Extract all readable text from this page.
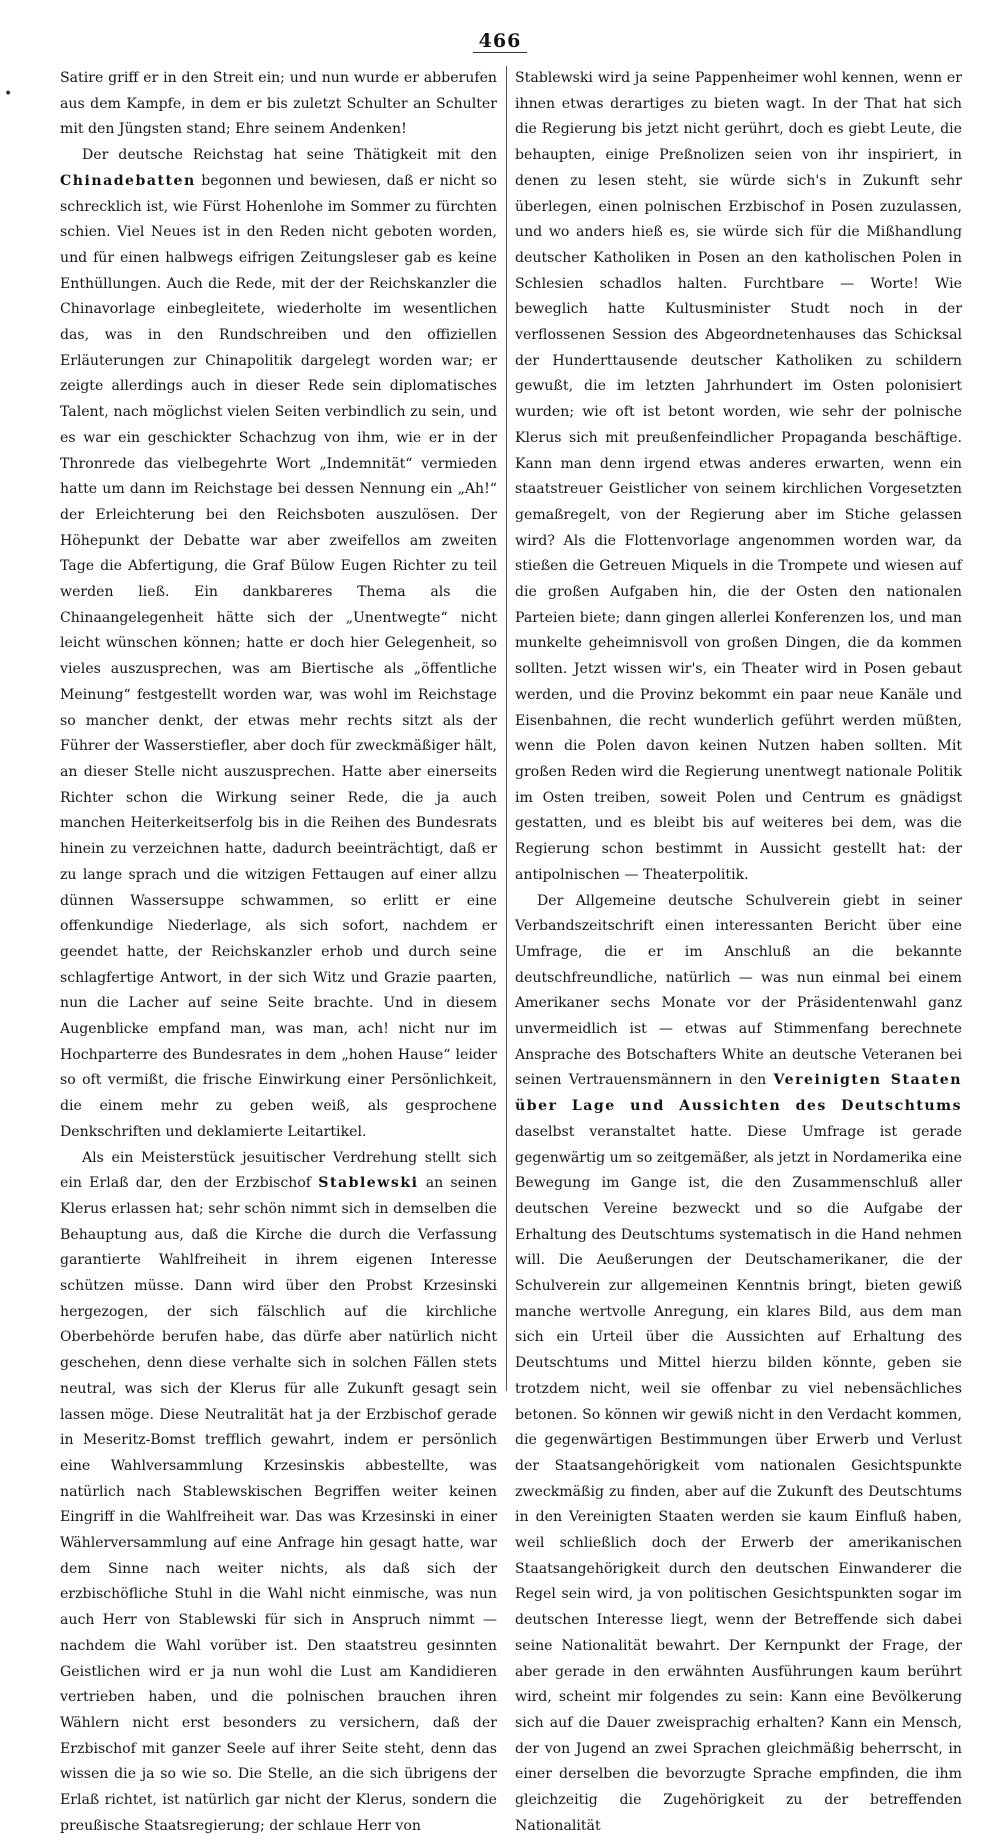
•
466

Satire griff er in den Streit ein; und nun wurde er abberufen aus dem Kampfe, in dem er bis zuletzt Schulter an Schulter mit den Jüngsten stand; Ehre seinem Andenken!

Der deutsche Reichstag hat seine Thätigkeit mit den Chinadebatten begonnen und bewiesen, daß er nicht so schrecklich ist, wie Fürst Hohenlohe im Sommer zu fürchten schien. Viel Neues ist in den Reden nicht geboten worden, und für einen halbwegs eifrigen Zeitungsleser gab es keine Enthüllungen. Auch die Rede, mit der der Reichskanzler die Chinavorlage einbegleitete, wiederholte im wesentlichen das, was in den Rundschreiben und den offiziellen Erläuterungen zur Chinapolitik dargelegt worden war; er zeigte allerdings auch in dieser Rede sein diplomatisches Talent, nach möglichst vielen Seiten verbindlich zu sein, und es war ein geschickter Schachzug von ihm, wie er in der Thronrede das vielbegehrte Wort „Indemnität“ vermieden hatte um dann im Reichstage bei dessen Nennung ein „Ah!“ der Erleichterung bei den Reichsboten auszulösen. Der Höhepunkt der Debatte war aber zweifellos am zweiten Tage die Abfertigung, die Graf Bülow Eugen Richter zu teil werden ließ. Ein dankbareres Thema als die Chinaangelegenheit hätte sich der „Unentwegte“ nicht leicht wünschen können; hatte er doch hier Gelegenheit, so vieles auszusprechen, was am Biertische als „öffentliche Meinung“ festgestellt worden war, was wohl im Reichstage so mancher denkt, der etwas mehr rechts sitzt als der Führer der Wasserstiefler, aber doch für zweckmäßiger hält, an dieser Stelle nicht auszusprechen. Hatte aber einerseits Richter schon die Wirkung seiner Rede, die ja auch manchen Heiterkeitserfolg bis in die Reihen des Bundesrats hinein zu verzeichnen hatte, dadurch beeinträchtigt, daß er zu lange sprach und die witzigen Fettaugen auf einer allzu dünnen Wassersuppe schwammen, so erlitt er eine offenkundige Niederlage, als sich sofort, nachdem er geendet hatte, der Reichskanzler erhob und durch seine schlagfertige Antwort, in der sich Witz und Grazie paarten, nun die Lacher auf seine Seite brachte. Und in diesem Augenblicke empfand man, was man, ach! nicht nur im Hochparterre des Bundesrates in dem „hohen Hause“ leider so oft vermißt, die frische Einwirkung einer Persönlichkeit, die einem mehr zu geben weiß, als gesprochene Denkschriften und deklamierte Leitartikel.

Als ein Meisterstück jesuitischer Verdrehung stellt sich ein Erlaß dar, den der Erzbischof Stablewski an seinen Klerus erlassen hat; sehr schön nimmt sich in demselben die Behauptung aus, daß die Kirche die durch die Verfassung garantierte Wahlfreiheit in ihrem eigenen Interesse schützen müsse. Dann wird über den Probst Krzesinski hergezogen, der sich fälschlich auf die kirchliche Oberbehörde berufen habe, das dürfe aber natürlich nicht geschehen, denn diese verhalte sich in solchen Fällen stets neutral, was sich der Klerus für alle Zukunft gesagt sein lassen möge. Diese Neutralität hat ja der Erzbischof gerade in Meseritz-Bomst trefflich gewahrt, indem er persönlich eine Wahlversammlung Krzesinskis abbestellte, was natürlich nach Stablewskischen Begriffen weiter keinen Eingriff in die Wahlfreiheit war. Das was Krzesinski in einer Wählerversammlung auf eine Anfrage hin gesagt hatte, war dem Sinne nach weiter nichts, als daß sich der erzbischöfliche Stuhl in die Wahl nicht einmische, was nun auch Herr von Stablewski für sich in Anspruch nimmt — nachdem die Wahl vorüber ist. Den staatstreu gesinnten Geistlichen wird er ja nun wohl die Lust am Kandidieren vertrieben haben, und die polnischen brauchen ihren Wählern nicht erst besonders zu versichern, daß der Erzbischof mit ganzer Seele auf ihrer Seite steht, denn das wissen die ja so wie so. Die Stelle, an die sich übrigens der Erlaß richtet, ist natürlich gar nicht der Klerus, sondern die preußische Staatsregierung; der schlaue Herr von

Stablewski wird ja seine Pappenheimer wohl kennen, wenn er ihnen etwas derartiges zu bieten wagt. In der That hat sich die Regierung bis jetzt nicht gerührt, doch es giebt Leute, die behaupten, einige Preßnolizen seien von ihr inspiriert, in denen zu lesen steht, sie würde sich's in Zukunft sehr überlegen, einen polnischen Erzbischof in Posen zuzulassen, und wo anders hieß es, sie würde sich für die Mißhandlung deutscher Katholiken in Posen an den katholischen Polen in Schlesien schadlos halten. Furchtbare — Worte! Wie beweglich hatte Kultusminister Studt noch in der verflossenen Session des Abgeordnetenhauses das Schicksal der Hunderttausende deutscher Katholiken zu schildern gewußt, die im letzten Jahrhundert im Osten polonisiert wurden; wie oft ist betont worden, wie sehr der polnische Klerus sich mit preußenfeindlicher Propaganda beschäftige. Kann man denn irgend etwas anderes erwarten, wenn ein staatstreuer Geistlicher von seinem kirchlichen Vorgesetzten gemaßregelt, von der Regierung aber im Stiche gelassen wird? Als die Flottenvorlage angenommen worden war, da stießen die Getreuen Miquels in die Trompete und wiesen auf die großen Aufgaben hin, die der Osten den nationalen Parteien biete; dann gingen allerlei Konferenzen los, und man munkelte geheimnisvoll von großen Dingen, die da kommen sollten. Jetzt wissen wir's, ein Theater wird in Posen gebaut werden, und die Provinz bekommt ein paar neue Kanäle und Eisenbahnen, die recht wunderlich geführt werden müßten, wenn die Polen davon keinen Nutzen haben sollten. Mit großen Reden wird die Regierung unentwegt nationale Politik im Osten treiben, soweit Polen und Centrum es gnädigst gestatten, und es bleibt bis auf weiteres bei dem, was die Regierung schon bestimmt in Aussicht gestellt hat: der antipolnischen — Theaterpolitik.

Der Allgemeine deutsche Schulverein giebt in seiner Verbandszeitschrift einen interessanten Bericht über eine Umfrage, die er im Anschluß an die bekannte deutschfreundliche, natürlich — was nun einmal bei einem Amerikaner sechs Monate vor der Präsidentenwahl ganz unvermeidlich ist — etwas auf Stimmenfang berechnete Ansprache des Botschafters White an deutsche Veteranen bei seinen Vertrauensmännern in den Vereinigten Staaten über Lage und Aussichten des Deutschtums daselbst veranstaltet hatte. Diese Umfrage ist gerade gegenwärtig um so zeitgemäßer, als jetzt in Nordamerika eine Bewegung im Gange ist, die den Zusammenschluß aller deutschen Vereine bezweckt und so die Aufgabe der Erhaltung des Deutschtums systematisch in die Hand nehmen will. Die Aeußerungen der Deutschamerikaner, die der Schulverein zur allgemeinen Kenntnis bringt, bieten gewiß manche wertvolle Anregung, ein klares Bild, aus dem man sich ein Urteil über die Aussichten auf Erhaltung des Deutschtums und Mittel hierzu bilden könnte, geben sie trotzdem nicht, weil sie offenbar zu viel nebensächliches betonen. So können wir gewiß nicht in den Verdacht kommen, die gegenwärtigen Bestimmungen über Erwerb und Verlust der Staatsangehörigkeit vom nationalen Gesichtspunkte zweckmäßig zu finden, aber auf die Zukunft des Deutschtums in den Vereinigten Staaten werden sie kaum Einfluß haben, weil schließlich doch der Erwerb der amerikanischen Staatsangehörigkeit durch den deutschen Einwanderer die Regel sein wird, ja von politischen Gesichtspunkten sogar im deutschen Interesse liegt, wenn der Betreffende sich dabei seine Nationalität bewahrt. Der Kernpunkt der Frage, der aber gerade in den erwähnten Ausführungen kaum berührt wird, scheint mir folgendes zu sein: Kann eine Bevölkerung sich auf die Dauer zweisprachig erhalten? Kann ein Mensch, der von Jugend an zwei Sprachen gleichmäßig beherrscht, in einer derselben die bevorzugte Sprache empfinden, die ihm gleichzeitig die Zugehörigkeit zu der betreffenden Nationalität
